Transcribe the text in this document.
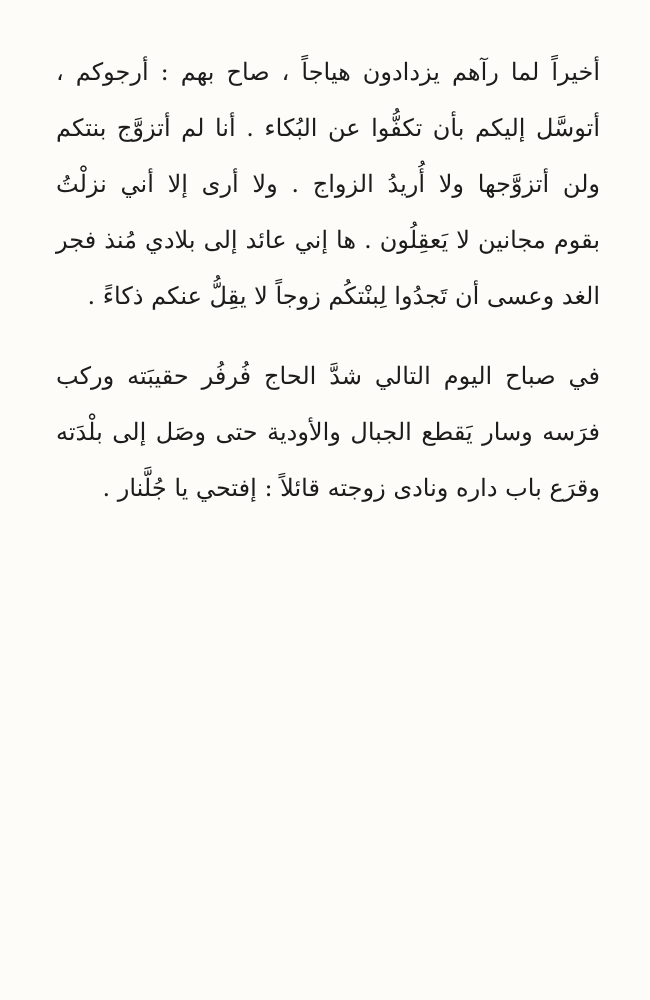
أخيراً لما رآهم يزدادون هياجاً ، صاح بهم : أرجوكم ،
أتوسَّل إليكم بأن تكفُّوا عن البُكاء . أنا لم أتزوَّج بنتكم
ولن أتزوَّجها ولا أُريدُ الزواج . ولا أرى إلا أني نزلْتُ
بقوم مجانين لا يَعقِلُون . ها إني عائد إلى بلادي مُنذ فجر
الغد وعسى أن تَجدُوا لِبنْتكُم زوجاً لا يقِلُّ عنكم ذكاءً .
في صباح اليوم التالي شدَّ الحاج فُرفُر حقيبَته وركب
فرَسه وسار يَقطع الجبال والأودية حتى وصَل إلى بلْدَته
وقرَع باب داره ونادى زوجته قائلاً : إفتحي يا جُلَّنار .
